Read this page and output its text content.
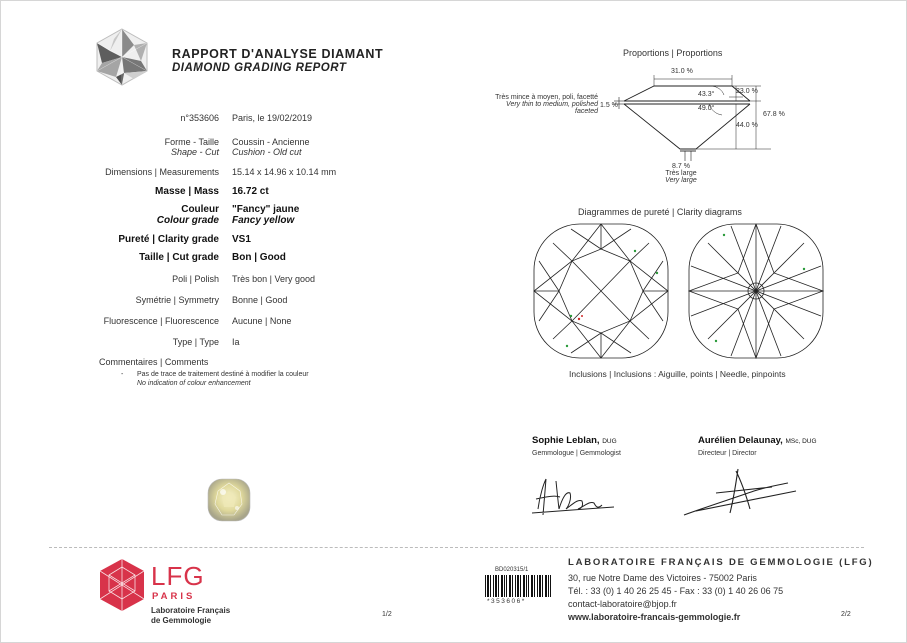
RAPPORT D'ANALYSE DIAMANT
DIAMOND GRADING REPORT
n°353606 Paris, le 19/02/2019
Forme - Taille
Shape - Cut
Coussin - Ancienne
Cushion - Old cut
Dimensions | Measurements 15.14 x 14.96 x 10.14 mm
Masse | Mass 16.72 ct
Couleur
Colour grade
"Fancy" jaune
Fancy yellow
Pureté | Clarity grade VS1
Taille | Cut grade Bon | Good
Poli | Polish Très bon | Very good
Symétrie | Symmetry Bonne | Good
Fluorescence | Fluorescence Aucune | None
Type | Type Ia
Commentaires | Comments
- Pas de trace de traitement destiné à modifier la couleur
No indication of colour enhancement
Proportions | Proportions
31.0 %
43.3°
49.0°
23.0 %
67.8 %
44.0 %
Très mince à moyen, poli, facetté
Very thin to medium, polished
faceted
1.5 %
8.7 %
Très large
Very large
Diagrammes de pureté | Clarity diagrams
Inclusions | Inclusions : Aiguille, points | Needle, pinpoints
Sophie Leblan, DUG
Gemmologue | Gemmologist
Aurélien Delaunay, MSc, DUG
Directeur | Director
LFG
PARIS
Laboratoire Français
de Gemmologie
1/2
BD020315/1
*353606*
LABORATOIRE FRANÇAIS DE GEMMOLOGIE (LFG)
30, rue Notre Dame des Victoires - 75002 Paris
Tél. : 33 (0) 1 40 26 25 45 - Fax : 33 (0) 1 40 26 06 75
contact-laboratoire@bjop.fr
www.laboratoire-francais-gemmologie.fr	2/2
